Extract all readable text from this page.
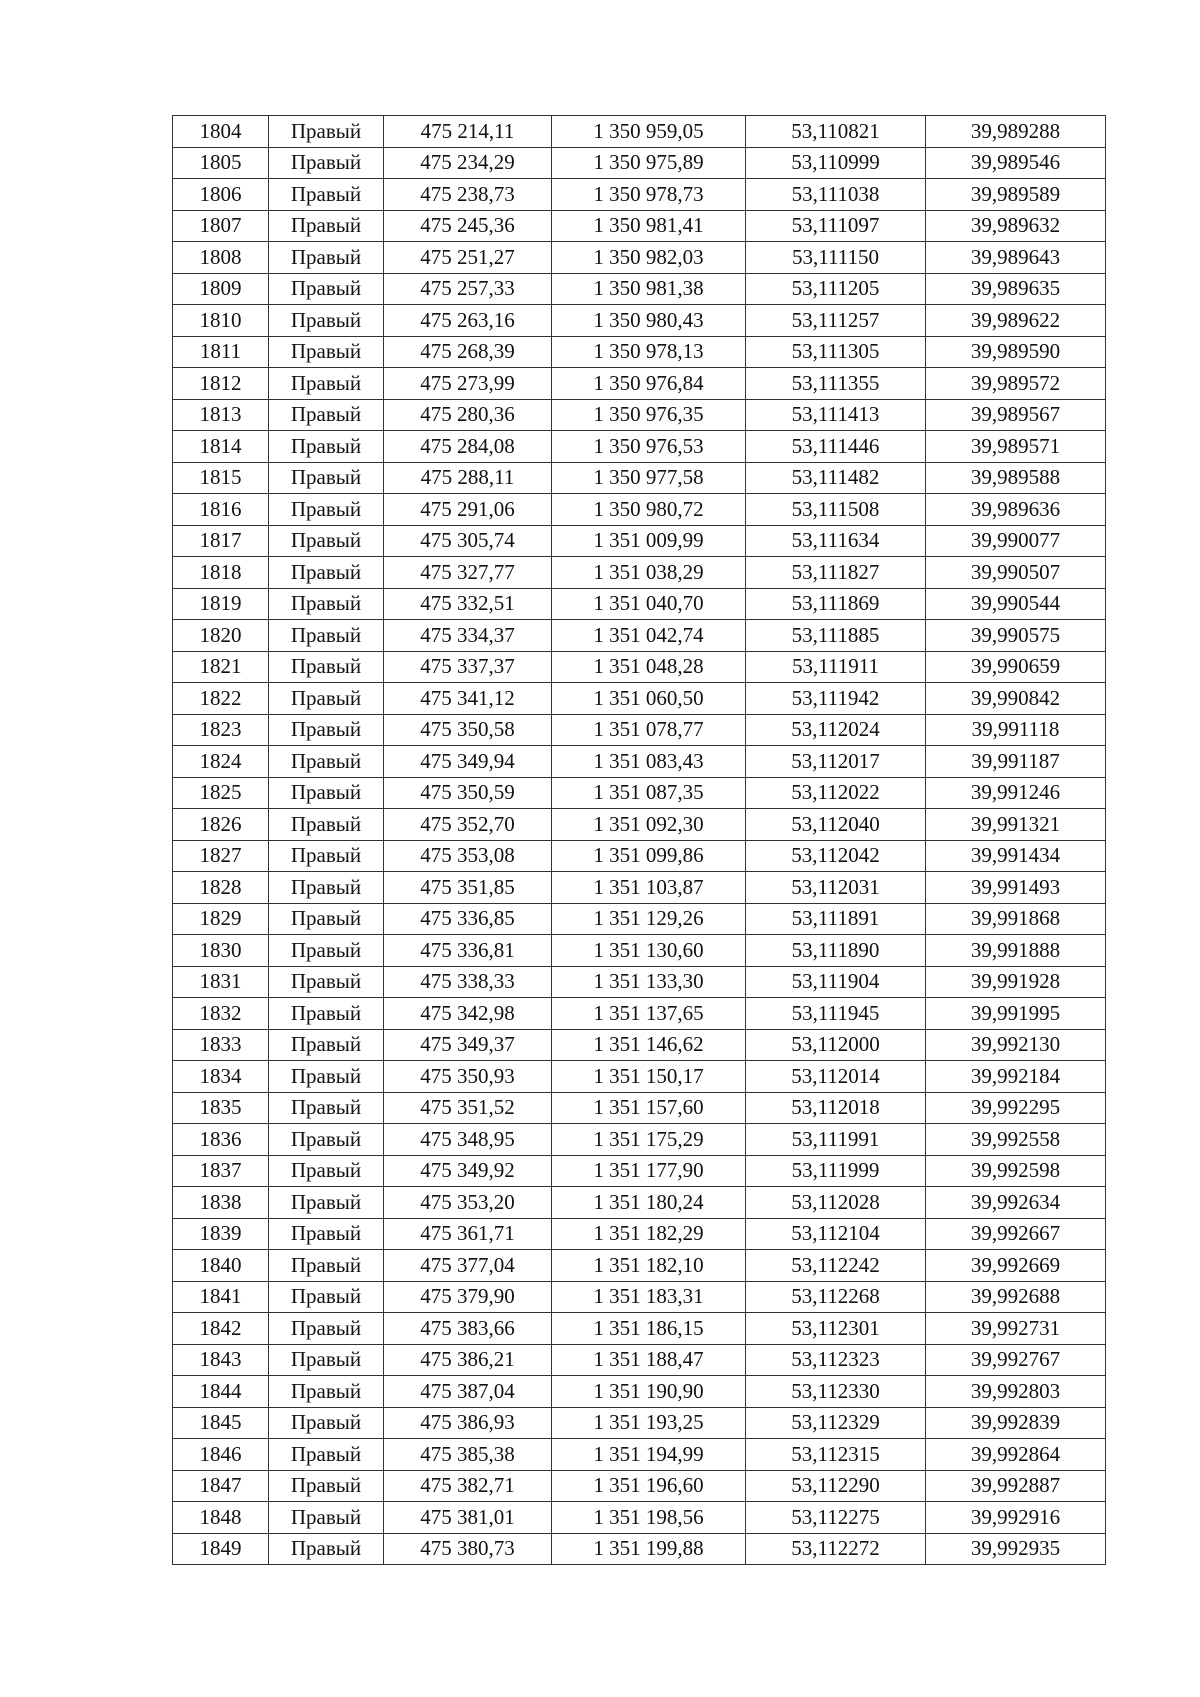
1804	Правый	475 214,11	1 350 959,05	53,110821	39,989288
1805	Правый	475 234,29	1 350 975,89	53,110999	39,989546
1806	Правый	475 238,73	1 350 978,73	53,111038	39,989589
1807	Правый	475 245,36	1 350 981,41	53,111097	39,989632
1808	Правый	475 251,27	1 350 982,03	53,111150	39,989643
1809	Правый	475 257,33	1 350 981,38	53,111205	39,989635
1810	Правый	475 263,16	1 350 980,43	53,111257	39,989622
1811	Правый	475 268,39	1 350 978,13	53,111305	39,989590
1812	Правый	475 273,99	1 350 976,84	53,111355	39,989572
1813	Правый	475 280,36	1 350 976,35	53,111413	39,989567
1814	Правый	475 284,08	1 350 976,53	53,111446	39,989571
1815	Правый	475 288,11	1 350 977,58	53,111482	39,989588
1816	Правый	475 291,06	1 350 980,72	53,111508	39,989636
1817	Правый	475 305,74	1 351 009,99	53,111634	39,990077
1818	Правый	475 327,77	1 351 038,29	53,111827	39,990507
1819	Правый	475 332,51	1 351 040,70	53,111869	39,990544
1820	Правый	475 334,37	1 351 042,74	53,111885	39,990575
1821	Правый	475 337,37	1 351 048,28	53,111911	39,990659
1822	Правый	475 341,12	1 351 060,50	53,111942	39,990842
1823	Правый	475 350,58	1 351 078,77	53,112024	39,991118
1824	Правый	475 349,94	1 351 083,43	53,112017	39,991187
1825	Правый	475 350,59	1 351 087,35	53,112022	39,991246
1826	Правый	475 352,70	1 351 092,30	53,112040	39,991321
1827	Правый	475 353,08	1 351 099,86	53,112042	39,991434
1828	Правый	475 351,85	1 351 103,87	53,112031	39,991493
1829	Правый	475 336,85	1 351 129,26	53,111891	39,991868
1830	Правый	475 336,81	1 351 130,60	53,111890	39,991888
1831	Правый	475 338,33	1 351 133,30	53,111904	39,991928
1832	Правый	475 342,98	1 351 137,65	53,111945	39,991995
1833	Правый	475 349,37	1 351 146,62	53,112000	39,992130
1834	Правый	475 350,93	1 351 150,17	53,112014	39,992184
1835	Правый	475 351,52	1 351 157,60	53,112018	39,992295
1836	Правый	475 348,95	1 351 175,29	53,111991	39,992558
1837	Правый	475 349,92	1 351 177,90	53,111999	39,992598
1838	Правый	475 353,20	1 351 180,24	53,112028	39,992634
1839	Правый	475 361,71	1 351 182,29	53,112104	39,992667
1840	Правый	475 377,04	1 351 182,10	53,112242	39,992669
1841	Правый	475 379,90	1 351 183,31	53,112268	39,992688
1842	Правый	475 383,66	1 351 186,15	53,112301	39,992731
1843	Правый	475 386,21	1 351 188,47	53,112323	39,992767
1844	Правый	475 387,04	1 351 190,90	53,112330	39,992803
1845	Правый	475 386,93	1 351 193,25	53,112329	39,992839
1846	Правый	475 385,38	1 351 194,99	53,112315	39,992864
1847	Правый	475 382,71	1 351 196,60	53,112290	39,992887
1848	Правый	475 381,01	1 351 198,56	53,112275	39,992916
1849	Правый	475 380,73	1 351 199,88	53,112272	39,992935
